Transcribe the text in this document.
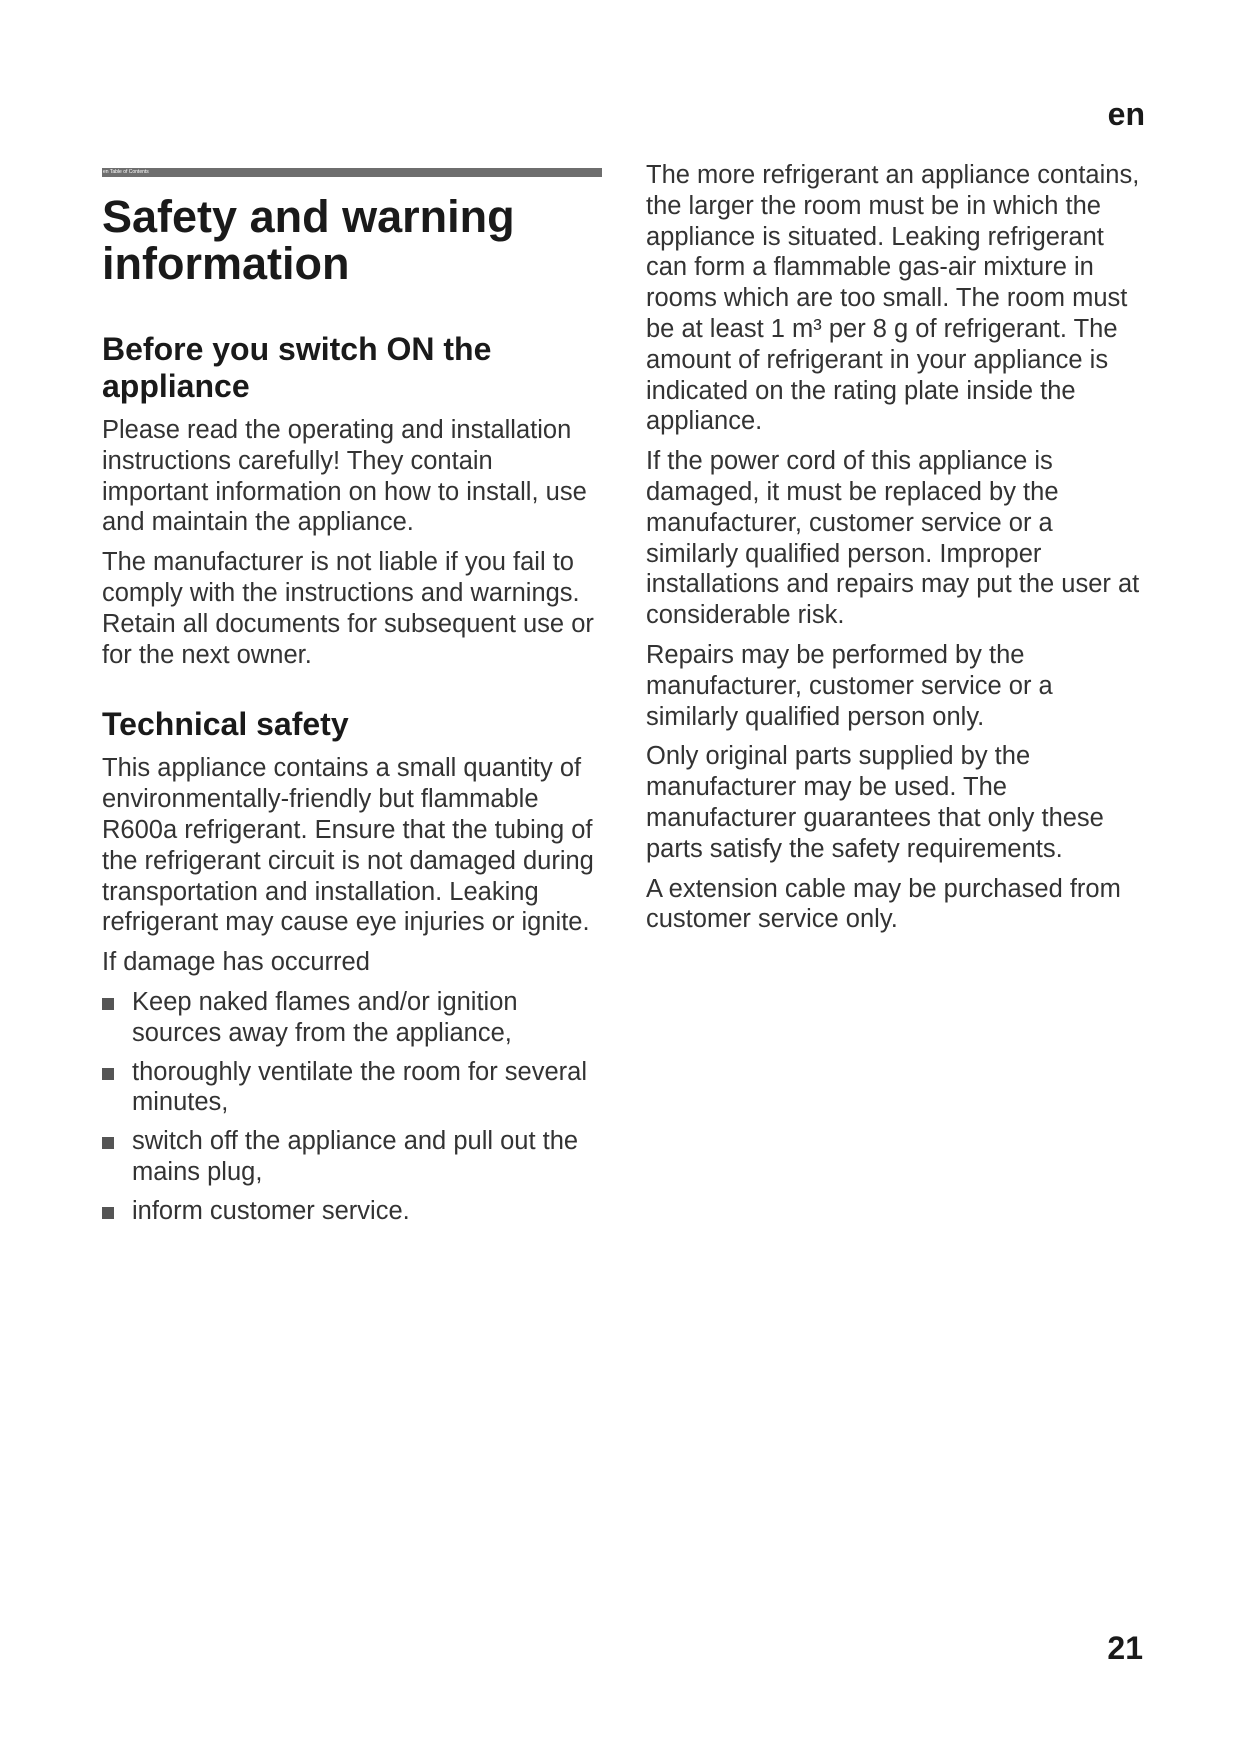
en
en Table of Contents
Safety and warning information
Before you switch ON the appliance

Please read the operating and installation instructions carefully! They contain important information on how to install, use and maintain the appliance.

The manufacturer is not liable if you fail to comply with the instructions and warnings. Retain all documents for subsequent use or for the next owner.

Technical safety

This appliance contains a small quantity of environmentally-friendly but flammable R600a refrigerant. Ensure that the tubing of the refrigerant circuit is not damaged during transportation and installation. Leaking refrigerant may cause eye injuries or ignite.

If damage has occurred

Keep naked flames and/or ignition sources away from the appliance,
thoroughly ventilate the room for several minutes,
switch off the appliance and pull out the mains plug,
inform customer service.

The more refrigerant an appliance contains, the larger the room must be in which the appliance is situated. Leaking refrigerant can form a flammable gas-air mixture in rooms which are too small. The room must be at least 1 m³ per 8 g of refrigerant. The amount of refrigerant in your appliance is indicated on the rating plate inside the appliance.

If the power cord of this appliance is damaged, it must be replaced by the manufacturer, customer service or a similarly qualified person. Improper installations and repairs may put the user at considerable risk.

Repairs may be performed by the manufacturer, customer service or a similarly qualified person only.

Only original parts supplied by the manufacturer may be used. The manufacturer guarantees that only these parts satisfy the safety requirements.

A extension cable may be purchased from customer service only.

21
